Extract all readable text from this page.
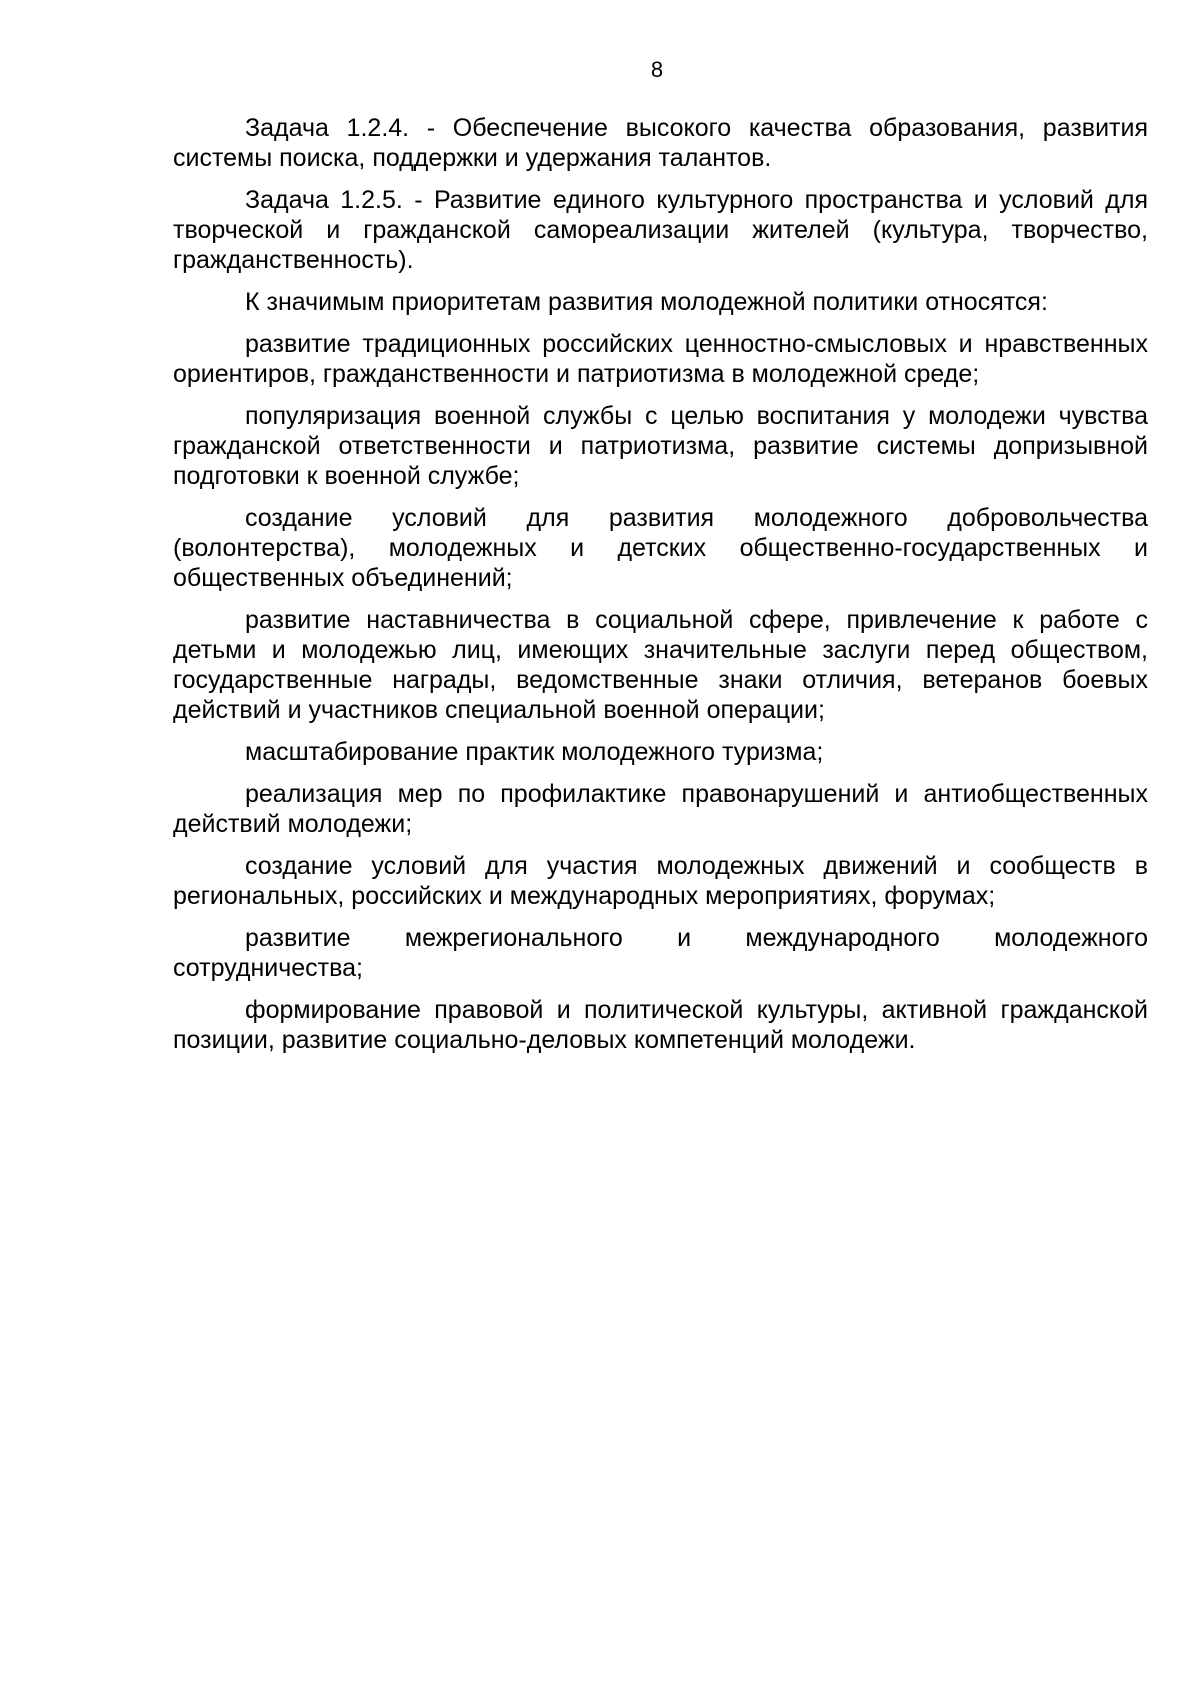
8

Задача 1.2.4. - Обеспечение высокого качества образования, развития системы поиска, поддержки и удержания талантов.

Задача 1.2.5. - Развитие единого культурного пространства и условий для творческой и гражданской самореализации жителей (культура, творчество, гражданственность).

К значимым приоритетам развития молодежной политики относятся:

развитие традиционных российских ценностно-смысловых и нравственных ориентиров, гражданственности и патриотизма в молодежной среде;

популяризация военной службы с целью воспитания у молодежи чувства гражданской ответственности и патриотизма, развитие системы допризывной подготовки к военной службе;

создание условий для развития молодежного добровольчества (волонтерства), молодежных и детских общественно-государственных и общественных объединений;

развитие наставничества в социальной сфере, привлечение к работе с детьми и молодежью лиц, имеющих значительные заслуги перед обществом, государственные награды, ведомственные знаки отличия, ветеранов боевых действий и участников специальной военной операции;

масштабирование практик молодежного туризма;

реализация мер по профилактике правонарушений и антиобщественных действий молодежи;

создание условий для участия молодежных движений и сообществ в региональных, российских и международных мероприятиях, форумах;

развитие межрегионального и международного молодежного сотрудничества;

формирование правовой и политической культуры, активной гражданской позиции, развитие социально-деловых компетенций молодежи.
